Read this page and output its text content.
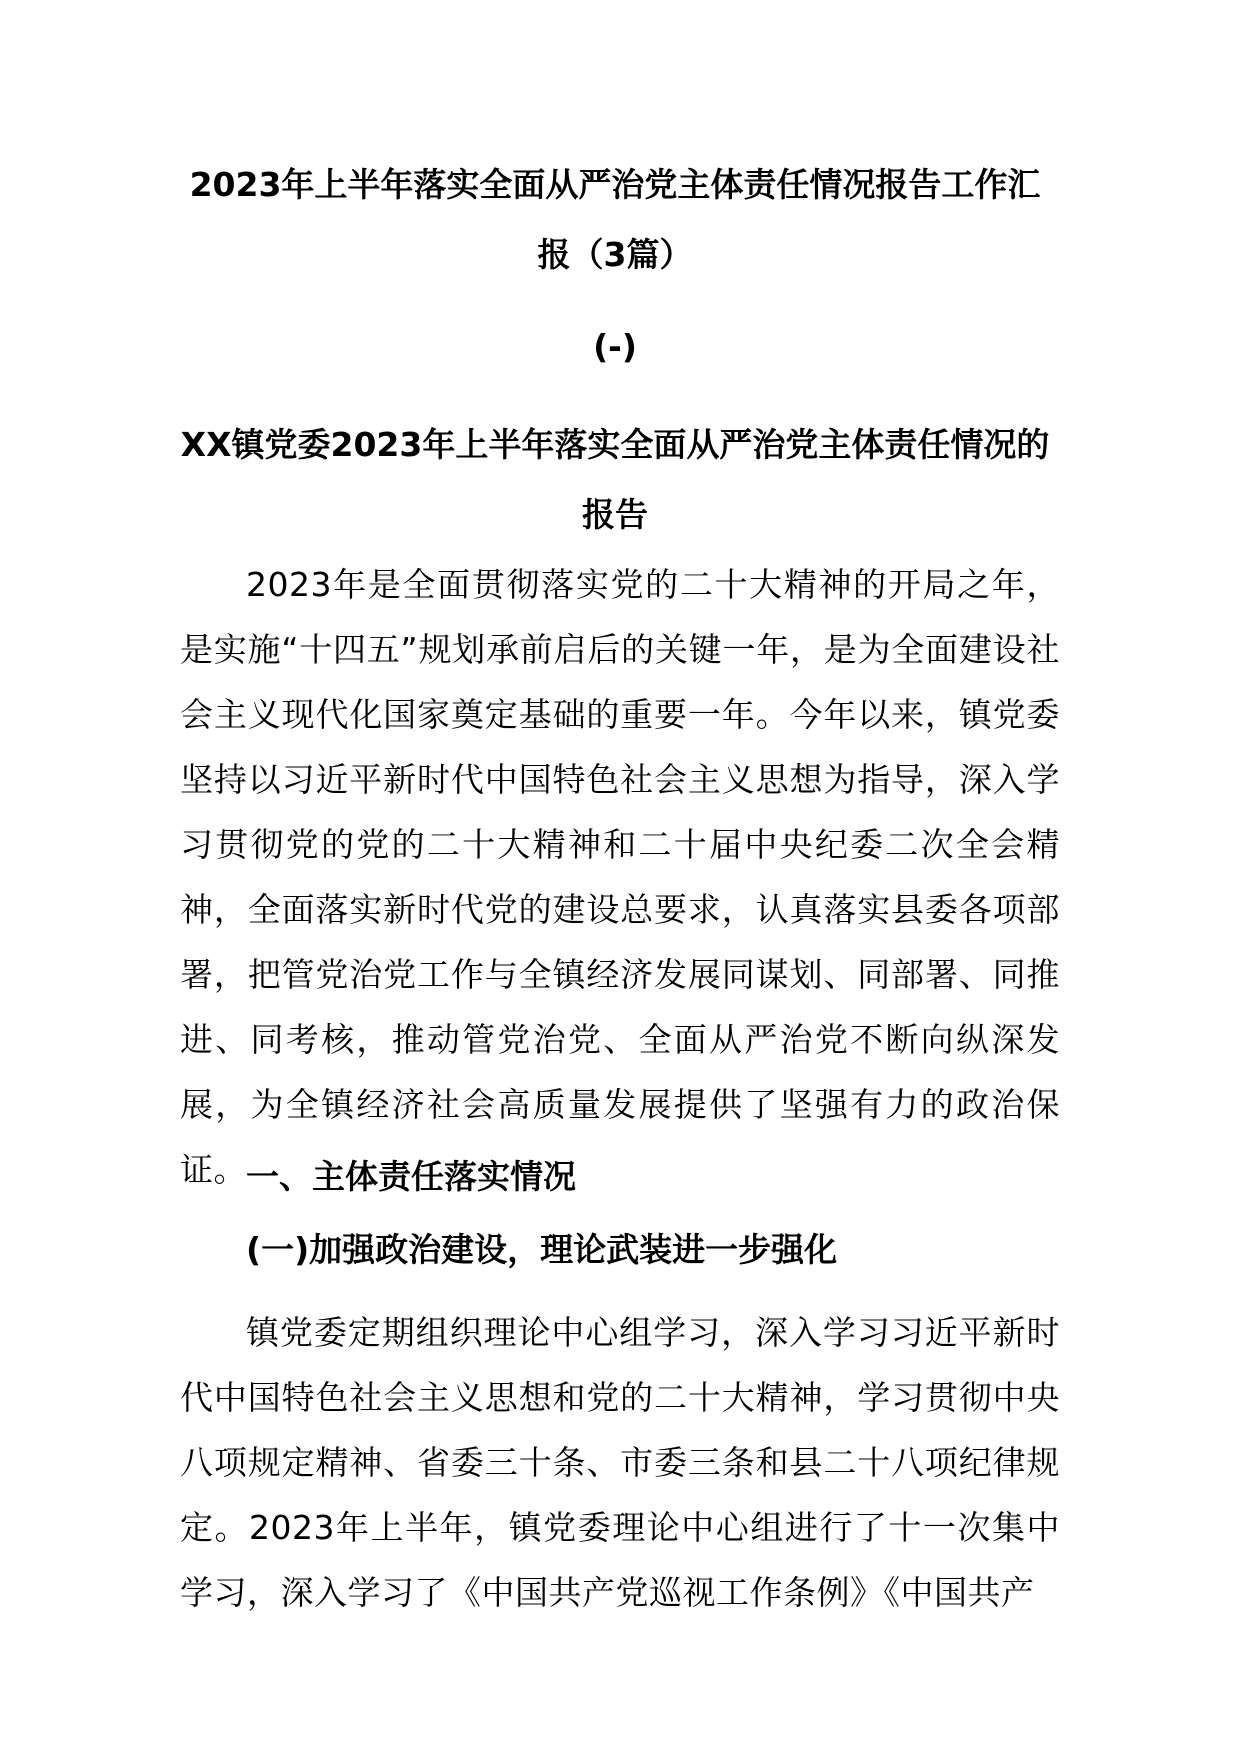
2023年上半年落实全面从严治党主体责任情况报告工作汇报（3篇）
(-)
XX镇党委2023年上半年落实全面从严治党主体责任情况的报告

2023年是全面贯彻落实党的二十大精神的开局之年，是实施“十四五”规划承前启后的关键一年，是为全面建设社会主义现代化国家奠定基础的重要一年。今年以来，镇党委坚持以习近平新时代中国特色社会主义思想为指导，深入学习贯彻党的党的二十大精神和二十届中央纪委二次全会精神，全面落实新时代党的建设总要求，认真落实县委各项部署，把管党治党工作与全镇经济发展同谋划、同部署、同推进、同考核，推动管党治党、全面从严治党不断向纵深发展，为全镇经济社会高质量发展提供了坚强有力的政治保证。 一、主体责任落实情况
(一)加强政治建设，理论武装进一步强化

镇党委定期组织理论中心组学习，深入学习习近平新时代中国特色社会主义思想和党的二十大精神，学习贯彻中央八项规定精神、省委三十条、市委三条和县二十八项纪律规定。2023年上半年，镇党委理论中心组进行了十一次集中学习，深入学习了《中国共产党巡视工作条例》《中国共产
